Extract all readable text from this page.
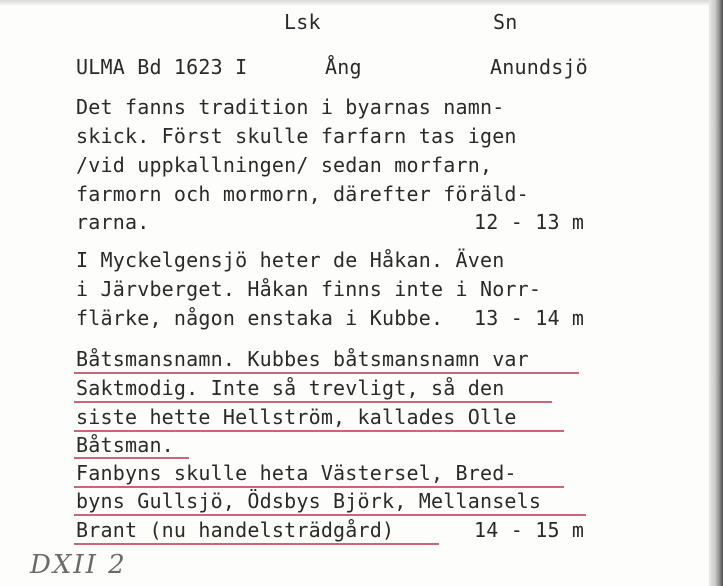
Lsk	Sn
ULMA Bd 1623 I	Ång	Anundsjö
Det fanns tradition i byarnas namn-
skick. Först skulle farfarn tas igen
/vid uppkallningen/ sedan morfarn,
farmorn och mormorn, därefter föräld-
rarna.	12 - 13 m
I Myckelgensjö heter de Håkan. Även
i Järvberget. Håkan finns inte i Norr-
flärke, någon enstaka i Kubbe. 13 - 14 m
Båtsmansnamn. Kubbes båtsmansnamn var
Saktmodig. Inte så trevligt, så den
siste hette Hellström, kallades Olle
Båtsman.
Fanbyns skulle heta Västersel, Bred-
byns Gullsjö, Ödsbys Björk, Mellansels
Brant (nu handelsträdgård)	14 - 15 m
DXII 2
